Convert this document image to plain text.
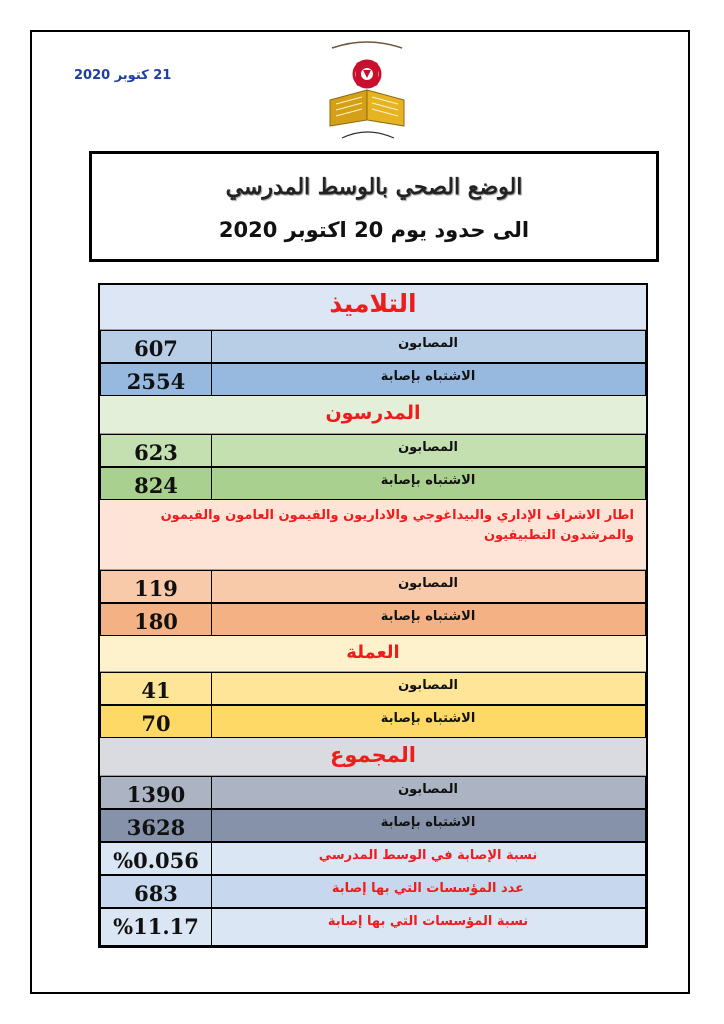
21 كتوبر 2020
الوضع الصحي بالوسط المدرسي
الى حدود يوم 20 اكتوبر 2020
التلاميذ
المصابون
607
الاشتباه بإصابة
2554
المدرسون
المصابون
623
الاشتباه بإصابة
824
اطار الاشراف الإداري والبيداغوجي والاداريون والقيمون العامون والقيمون والمرشدون التطبيقيون
المصابون
119
الاشتباه بإصابة
180
العملة
المصابون
41
الاشتباه بإصابة
70
المجموع
المصابون
1390
الاشتباه بإصابة
3628
نسبة الإصابة في الوسط المدرسي
%0.056
عدد المؤسسات التي بها إصابة
683
نسبة المؤسسات التي بها إصابة
%11.17
